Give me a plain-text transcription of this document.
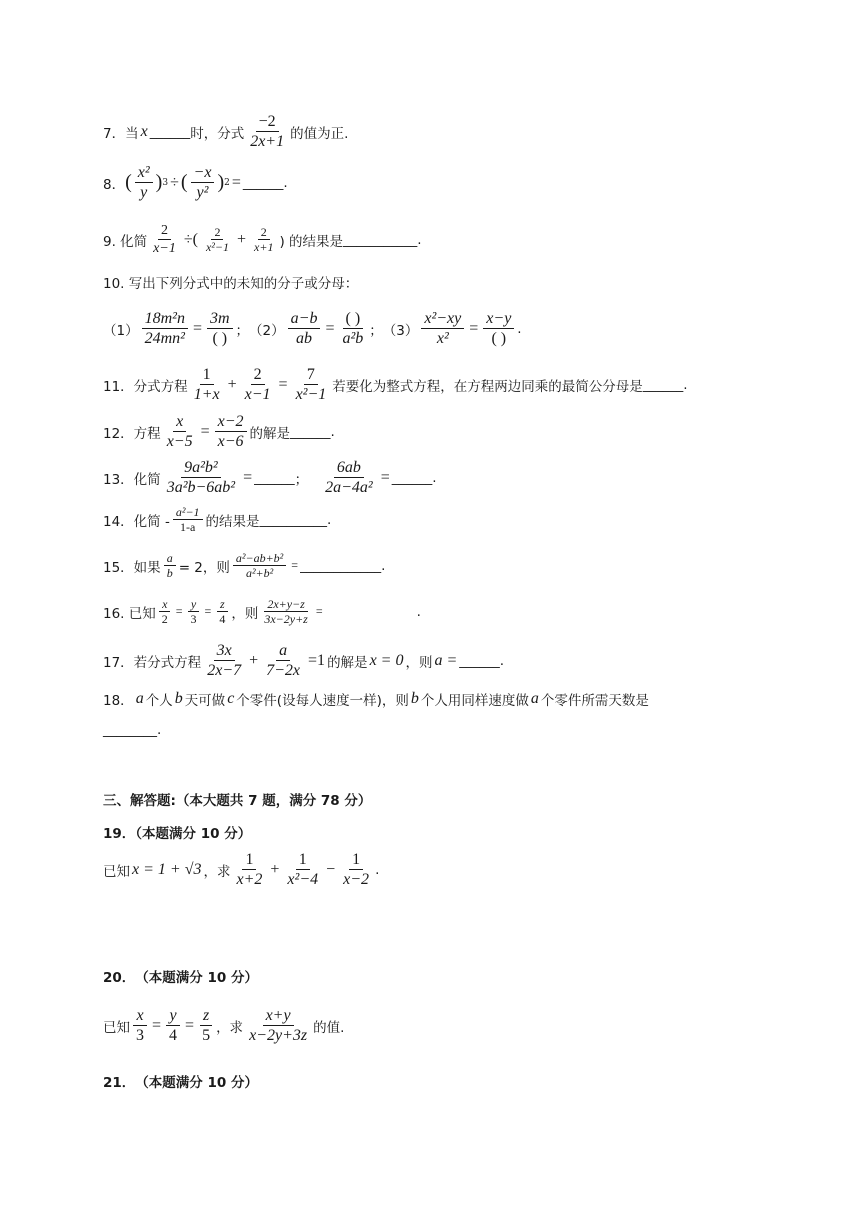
7．当 x ______ 时，分式 $\frac{-2}{2x+1}$ 的值为正.
8． ( $\frac{\text{x²}}{y}$ ) 3 ÷ ( $\frac{-x}{\text{y²}}$ ) 2 = ______ .
9. 化简 $\frac{2}{x-1}$ ÷( $\frac{2}{\text{x²−1}} + \frac{2}{x+1}$ ) 的结果是 ___________ .
10. 写出下列分式中的未知的分子或分母：
$(1) \frac{\text{18m²n}}{\text{24mn²}} = \frac{3m}{( )}$ ； $(2) \frac{a-b}{ab} = \frac{( )}{\text{a²b}}$ ； $(3) \frac{\text{x²−xy}}{\text{x²}} = \frac{x-y}{( )}$ .
11．分式方程 $\frac{1}{1+x} + \frac{2}{x-1} = \frac{7}{\text{x²−1}}$ 若要化为整式方程，在方程两边同乘的最简公分母是 ______ .
12．方程 $\frac{x}{x-5} = \frac{x-2}{x-6}$ 的解是 ______ .
13．化简 $\frac{\text{9a²b²}}{\text{3a²b−6ab²}}$ = ______ ； $\frac{6ab}{\text{2a−4a²}}$ = ______ .
14．化简 - $\frac{\text{a²−1}}{1-a}$ 的结果是 __________ .
15．如果 $\frac{a}{b} = 2$，则 $\frac{\text{a²−ab+b²}}{\text{a²+b²}}$ = ____________ .
16. 已知 $\frac{x}{2} = \frac{y}{3} = \frac{z}{4}$ ，则 $\frac{2x+y-z}{3x-2y+z}$ =	.
17．若分式方程 $\frac{3x}{2x-7} + \frac{a}{7-2x} =1$ 的解是 x = 0 ，则 a = ______ .
18． a 个人 b 天可做 c 个零件(设每人速度一样)，则 b 个人用同样速度做 a 个零件所需天数是
________ .
三、解答题:（本大题共 7 题，满分 78 分）
19．（本题满分 10 分）
已知 x = 1 + √3 ，求 $\frac{1}{x+2} + \frac{1}{\text{x²−4}} - \frac{1}{x-2}$ .
20．　（本题满分 10 分）
已知 $\frac{x}{3} = \frac{y}{4} = \frac{z}{5}$ ，求 $\frac{x+y}{x-2y+3z}$ 的值.
21．　（本题满分 10 分）
